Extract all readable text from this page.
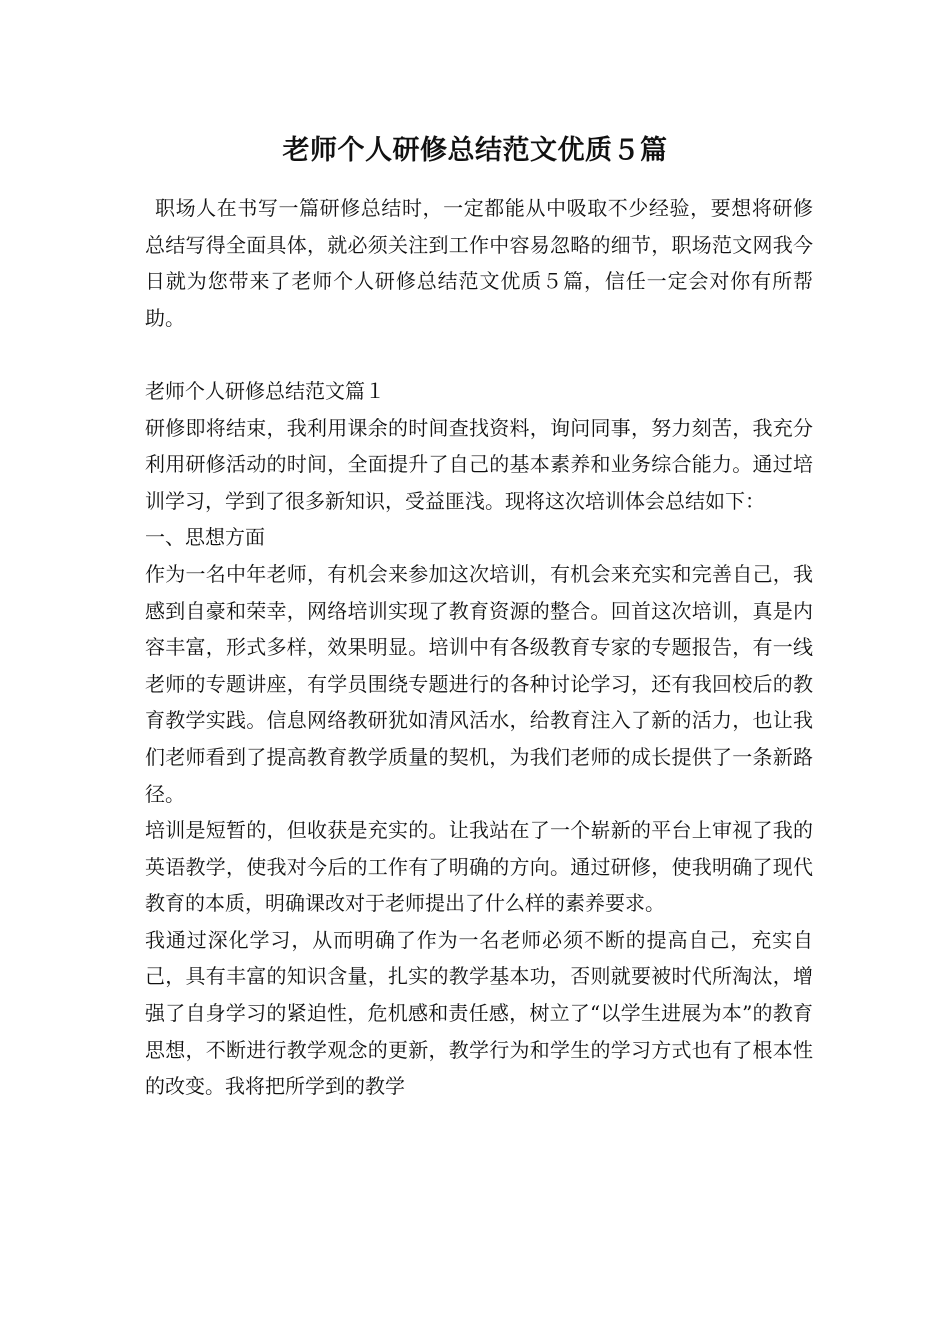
老师个人研修总结范文优质５篇

职场人在书写一篇研修总结时，一定都能从中吸取不少经验，要想将研修总结写得全面具体，就必须关注到工作中容易忽略的细节，职场范文网我今日就为您带来了老师个人研修总结范文优质５篇，信任一定会对你有所帮助。

老师个人研修总结范文篇１

研修即将结束，我利用课余的时间查找资料，询问同事，努力刻苦，我充分利用研修活动的时间，全面提升了自己的基本素养和业务综合能力。通过培训学习，学到了很多新知识，受益匪浅。现将这次培训体会总结如下：

一、思想方面

作为一名中年老师，有机会来参加这次培训，有机会来充实和完善自己，我感到自豪和荣幸，网络培训实现了教育资源的整合。回首这次培训，真是内容丰富，形式多样，效果明显。培训中有各级教育专家的专题报告，有一线老师的专题讲座，有学员围绕专题进行的各种讨论学习，还有我回校后的教育教学实践。信息网络教研犹如清风活水，给教育注入了新的活力，也让我们老师看到了提高教育教学质量的契机，为我们老师的成长提供了一条新路径。

培训是短暂的，但收获是充实的。让我站在了一个崭新的平台上审视了我的英语教学，使我对今后的工作有了明确的方向。通过研修，使我明确了现代教育的本质，明确课改对于老师提出了什么样的素养要求。

我通过深化学习，从而明确了作为一名老师必须不断的提高自己，充实自己，具有丰富的知识含量，扎实的教学基本功，否则就要被时代所淘汰，增强了自身学习的紧迫性，危机感和责任感，树立了“以学生进展为本”的教育思想，不断进行教学观念的更新，教学行为和学生的学习方式也有了根本性的改变。我将把所学到的教学
